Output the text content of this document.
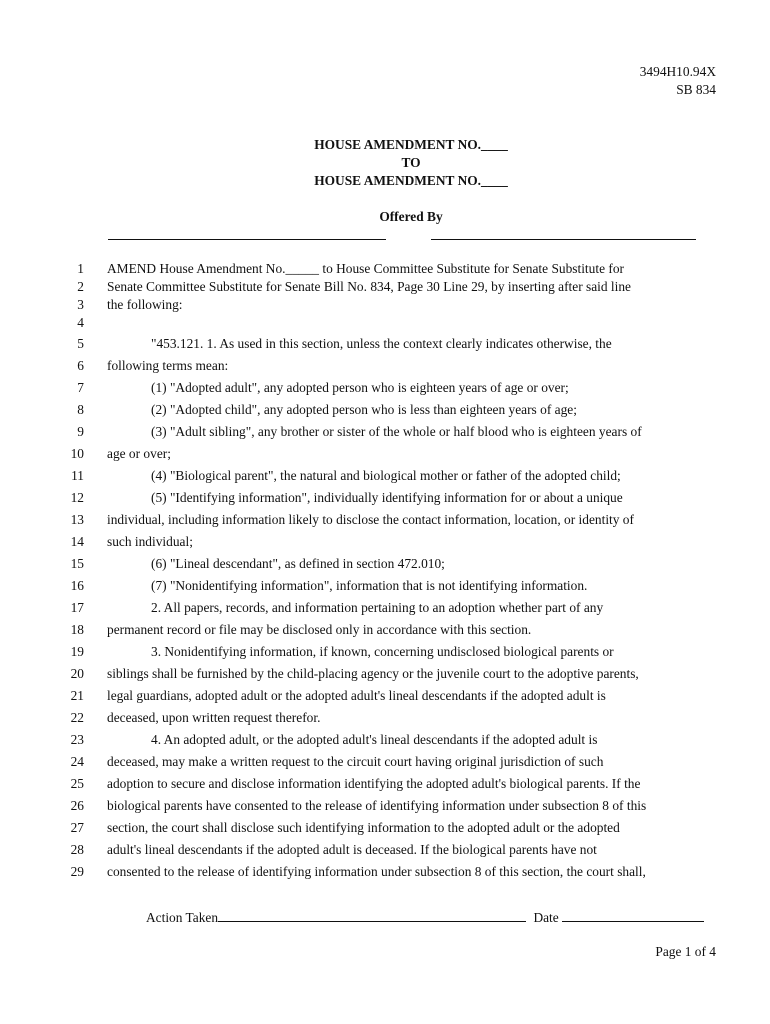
3494H10.94X
SB 834
HOUSE AMENDMENT NO.____
TO
HOUSE AMENDMENT NO.____
Offered By
1 AMEND House Amendment No._____ to House Committee Substitute for Senate Substitute for
2 Senate Committee Substitute for Senate Bill No. 834, Page 30 Line 29, by inserting after said line
3 the following:
4
5	"453.121. 1. As used in this section, unless the context clearly indicates otherwise, the
6 following terms mean:
7	(1) "Adopted adult", any adopted person who is eighteen years of age or over;
8	(2) "Adopted child", any adopted person who is less than eighteen years of age;
9	(3) "Adult sibling", any brother or sister of the whole or half blood who is eighteen years of
10 age or over;
11	(4) "Biological parent", the natural and biological mother or father of the adopted child;
12	(5) "Identifying information", individually identifying information for or about a unique
13 individual, including information likely to disclose the contact information, location, or identity of
14 such individual;
15	(6) "Lineal descendant", as defined in section 472.010;
16	(7) "Nonidentifying information", information that is not identifying information.
17	2. All papers, records, and information pertaining to an adoption whether part of any
18 permanent record or file may be disclosed only in accordance with this section.
19	3. Nonidentifying information, if known, concerning undisclosed biological parents or
20 siblings shall be furnished by the child-placing agency or the juvenile court to the adoptive parents,
21 legal guardians, adopted adult or the adopted adult's lineal descendants if the adopted adult is
22 deceased, upon written request therefor.
23	4. An adopted adult, or the adopted adult's lineal descendants if the adopted adult is
24 deceased, may make a written request to the circuit court having original jurisdiction of such
25 adoption to secure and disclose information identifying the adopted adult's biological parents. If the
26 biological parents have consented to the release of identifying information under subsection 8 of this
27 section, the court shall disclose such identifying information to the adopted adult or the adopted
28 adult's lineal descendants if the adopted adult is deceased. If the biological parents have not
29 consented to the release of identifying information under subsection 8 of this section, the court shall,
Action Taken	Date
Page 1 of 4
